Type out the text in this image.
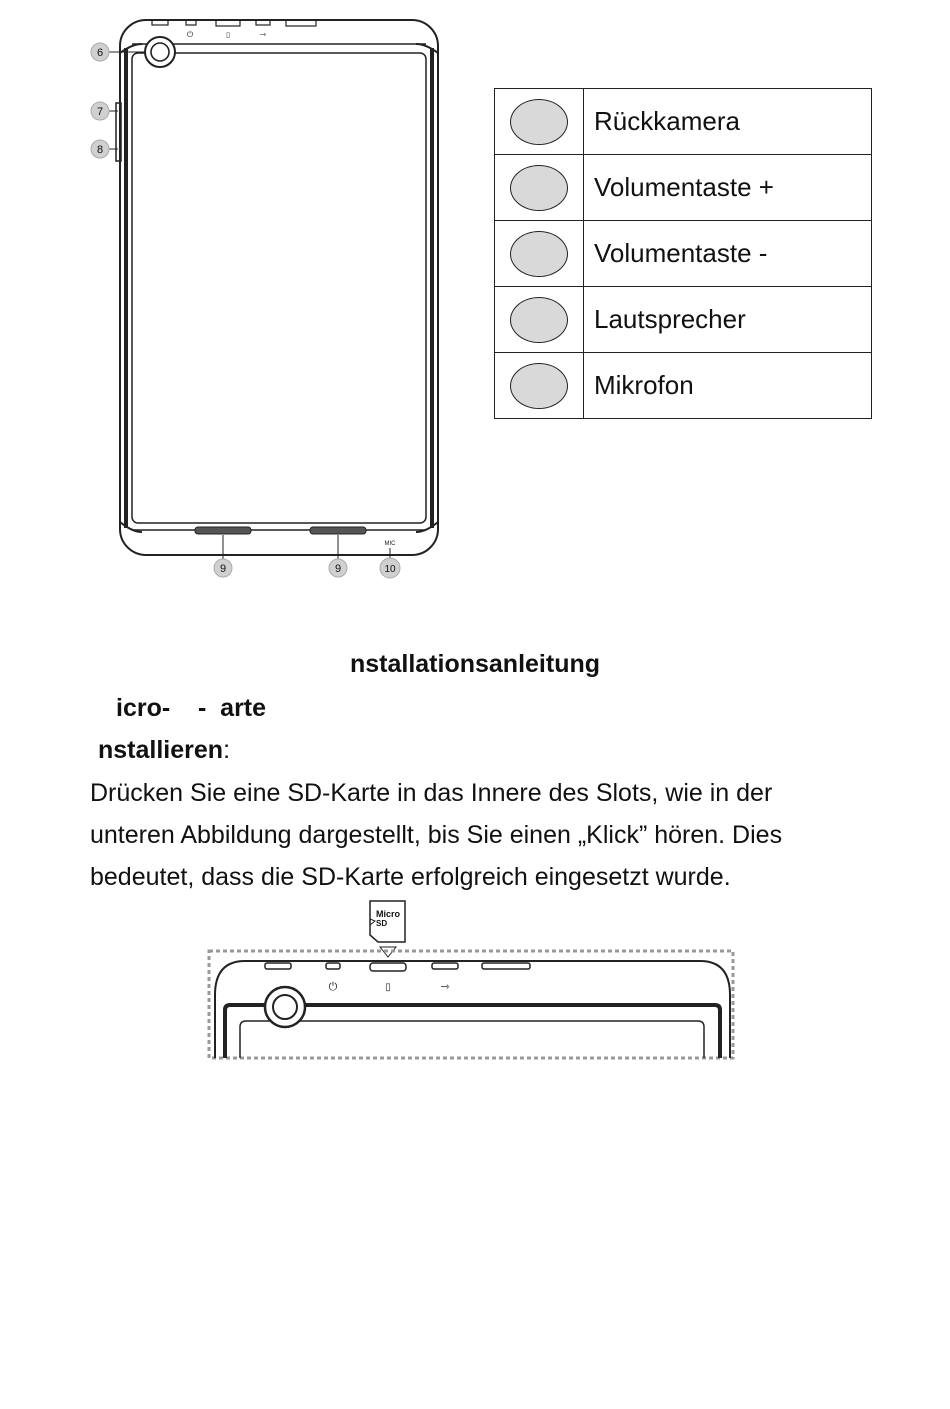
⏻	▯	⇾
MIC
6
7
8
9	9	10
	Rückkamera
	Volumentaste +
	Volumentaste -
	Lautsprecher
	Mikrofon
nstallationsanleitung
icro-    -  arte
nstallieren:

Drücken Sie eine SD-Karte in das Innere des Slots, wie in der

unteren Abbildung dargestellt, bis Sie einen „Klick” hören. Dies

bedeutet, dass die SD-Karte erfolgreich eingesetzt wurde.

Micro
SD
⏻	▯	⇾
